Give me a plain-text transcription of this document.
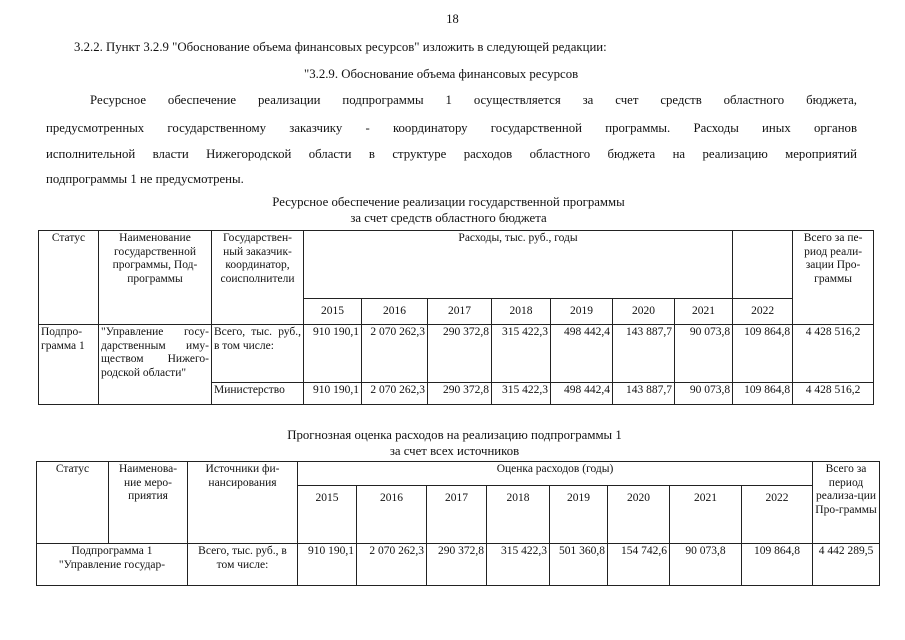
18
3.2.2. Пункт 3.2.9 "Обоснование объема финансовых ресурсов" изложить в следующей редакции:
"3.2.9. Обоснование объема финансовых ресурсов
Ресурсное обеспечение реализации подпрограммы 1 осуществляется за счет средств областного бюджета,
предусмотренных государственному заказчику - координатору государственной программы. Расходы иных органов
исполнительной власти Нижегородской области в структуре расходов областного бюджета на реализацию мероприятий
подпрограммы 1 не предусмотрены.
Ресурсное обеспечение реализации государственной программы
за счет средств областного бюджета
Статус	Наименование государственной программы, Под-программы	Государствен-ный заказчик-координатор, соисполнители	Расходы, тыс. руб., годы								Всего за пе-риод реали-зации Про-граммы
			2015	2016	2017	2018	2019	2020	2021	2022	
Подпро-грамма 1	"Управление госу-дарственным иму-ществом Нижего-родской области"	Всего, тыс. руб., в том числе:	910 190,1	2 070 262,3	290 372,8	315 422,3	498 442,4	143 887,7	90 073,8	109 864,8	4 428 516,2
		Министерство	910 190,1	2 070 262,3	290 372,8	315 422,3	498 442,4	143 887,7	90 073,8	109 864,8	4 428 516,2
Прогнозная оценка расходов на реализацию подпрограммы 1
за счет всех источников
Статус	Наименова-ние меро-приятия	Источники фи-нансирования	Оценка расходов (годы)								Всего за период реализа-ции Про-граммы
			2015	2016	2017	2018	2019	2020	2021	2022	
Подпрограмма 1 "Управление государ-		Всего, тыс. руб., в том числе:	910 190,1	2 070 262,3	290 372,8	315 422,3	501 360,8	154 742,6	90 073,8	109 864,8	4 442 289,5
